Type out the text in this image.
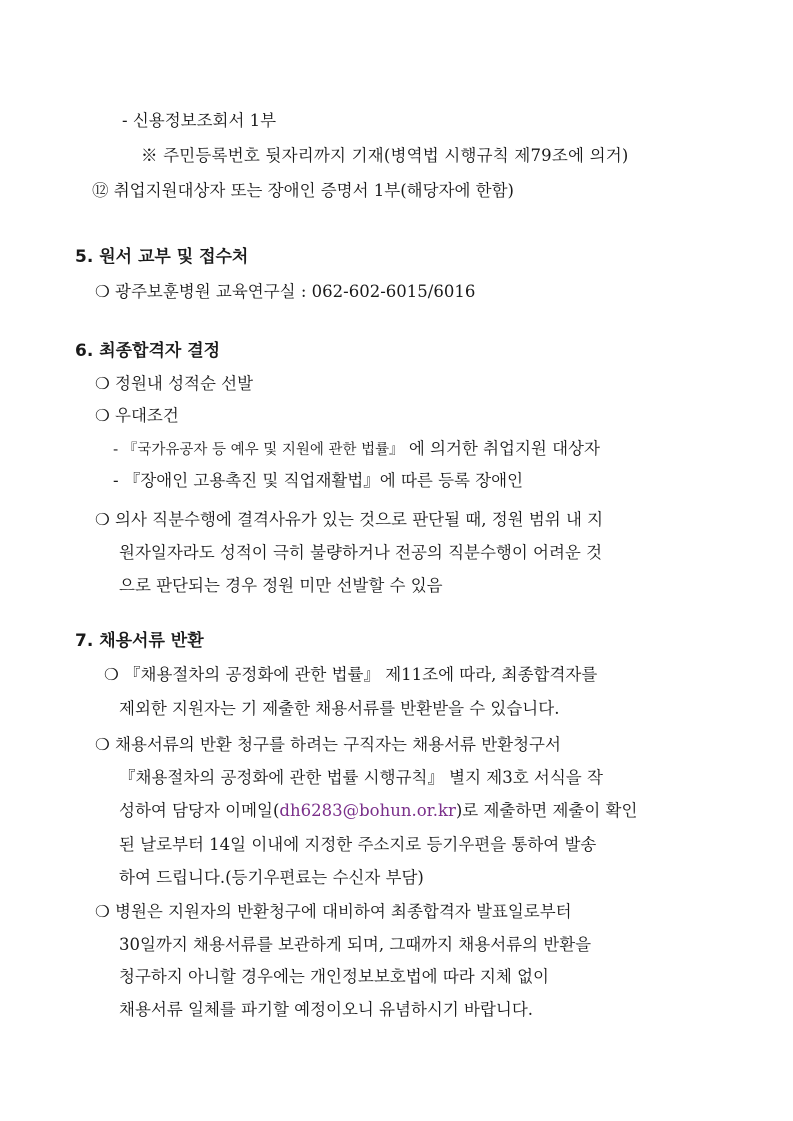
- 신용정보조회서 1부
※ 주민등록번호 뒷자리까지 기재(병역법 시행규칙 제79조에 의거)
⑫ 취업지원대상자 또는 장애인 증명서 1부(해당자에 한함)
5. 원서 교부 및 접수처
❍ 광주보훈병원 교육연구실 : 062-602-6015/6016
6. 최종합격자 결정
❍ 정원내 성적순 선발
❍ 우대조건
- 『국가유공자 등 예우 및 지원에 관한 법률』 에 의거한 취업지원 대상자
- 『장애인 고용촉진 및 직업재활법』에 따른 등록 장애인
❍ 의사 직분수행에 결격사유가 있는 것으로 판단될 때, 정원 범위 내 지
원자일자라도 성적이 극히 불량하거나 전공의 직분수행이 어려운 것
으로 판단되는 경우 정원 미만 선발할 수 있음
7. 채용서류 반환
❍ 『채용절차의 공정화에 관한 법률』 제11조에 따라, 최종합격자를
제외한 지원자는 기 제출한 채용서류를 반환받을 수 있습니다.
❍ 채용서류의 반환 청구를 하려는 구직자는 채용서류 반환청구서
『채용절차의 공정화에 관한 법률 시행규칙』 별지 제3호 서식을 작
성하여 담당자 이메일(dh6283@bohun.or.kr)로 제출하면 제출이 확인
된 날로부터 14일 이내에 지정한 주소지로 등기우편을 통하여 발송
하여 드립니다.(등기우편료는 수신자 부담)
❍ 병원은 지원자의 반환청구에 대비하여 최종합격자 발표일로부터
30일까지 채용서류를 보관하게 되며, 그때까지 채용서류의 반환을
청구하지 아니할 경우에는 개인정보보호법에 따라 지체 없이
채용서류 일체를 파기할 예정이오니 유념하시기 바랍니다.
